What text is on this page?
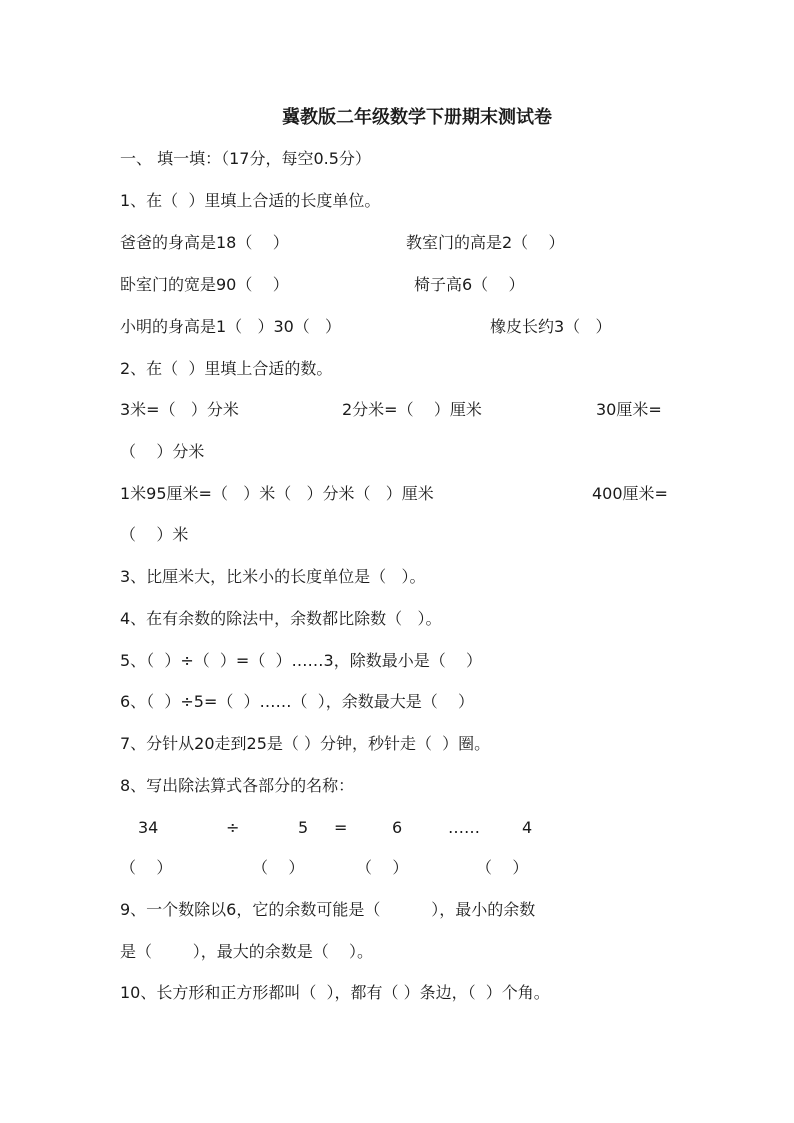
冀教版二年级数学下册期末测试卷
一、 填一填：（17分，每空0.5分）
1、在（  ）里填上合适的长度单位。
爸爸的身高是18（    ）	教室门的高是2（    ）
卧室门的宽是90（    ）	椅子高6（    ）
小明的身高是1（   ）30（   ）	橡皮长约3（   ）
2、在（  ）里填上合适的数。
3米=（   ）分米	2分米=（    ）厘米	30厘米=
（    ）分米
1米95厘米=（   ）米（   ）分米（   ）厘米	400厘米=
（    ）米
3、比厘米大，比米小的长度单位是（   ）。
4、在有余数的除法中，余数都比除数（   ）。
5、（  ）÷（  ）=（  ）……3，除数最小是（    ）
6、（  ）÷5=（  ）……（  ），余数最大是（    ）
7、分针从20走到25是（ ）分钟，秒针走（  ）圈。
8、写出除法算式各部分的名称：
34	÷	5 =	6	……	4
（    ）	（    ）	（    ）	（    ）
9、一个数除以6，它的余数可能是（          ），最小的余数
是（        ），最大的余数是（    ）。
10、长方形和正方形都叫（  ），都有（ ）条边，（  ）个角。
